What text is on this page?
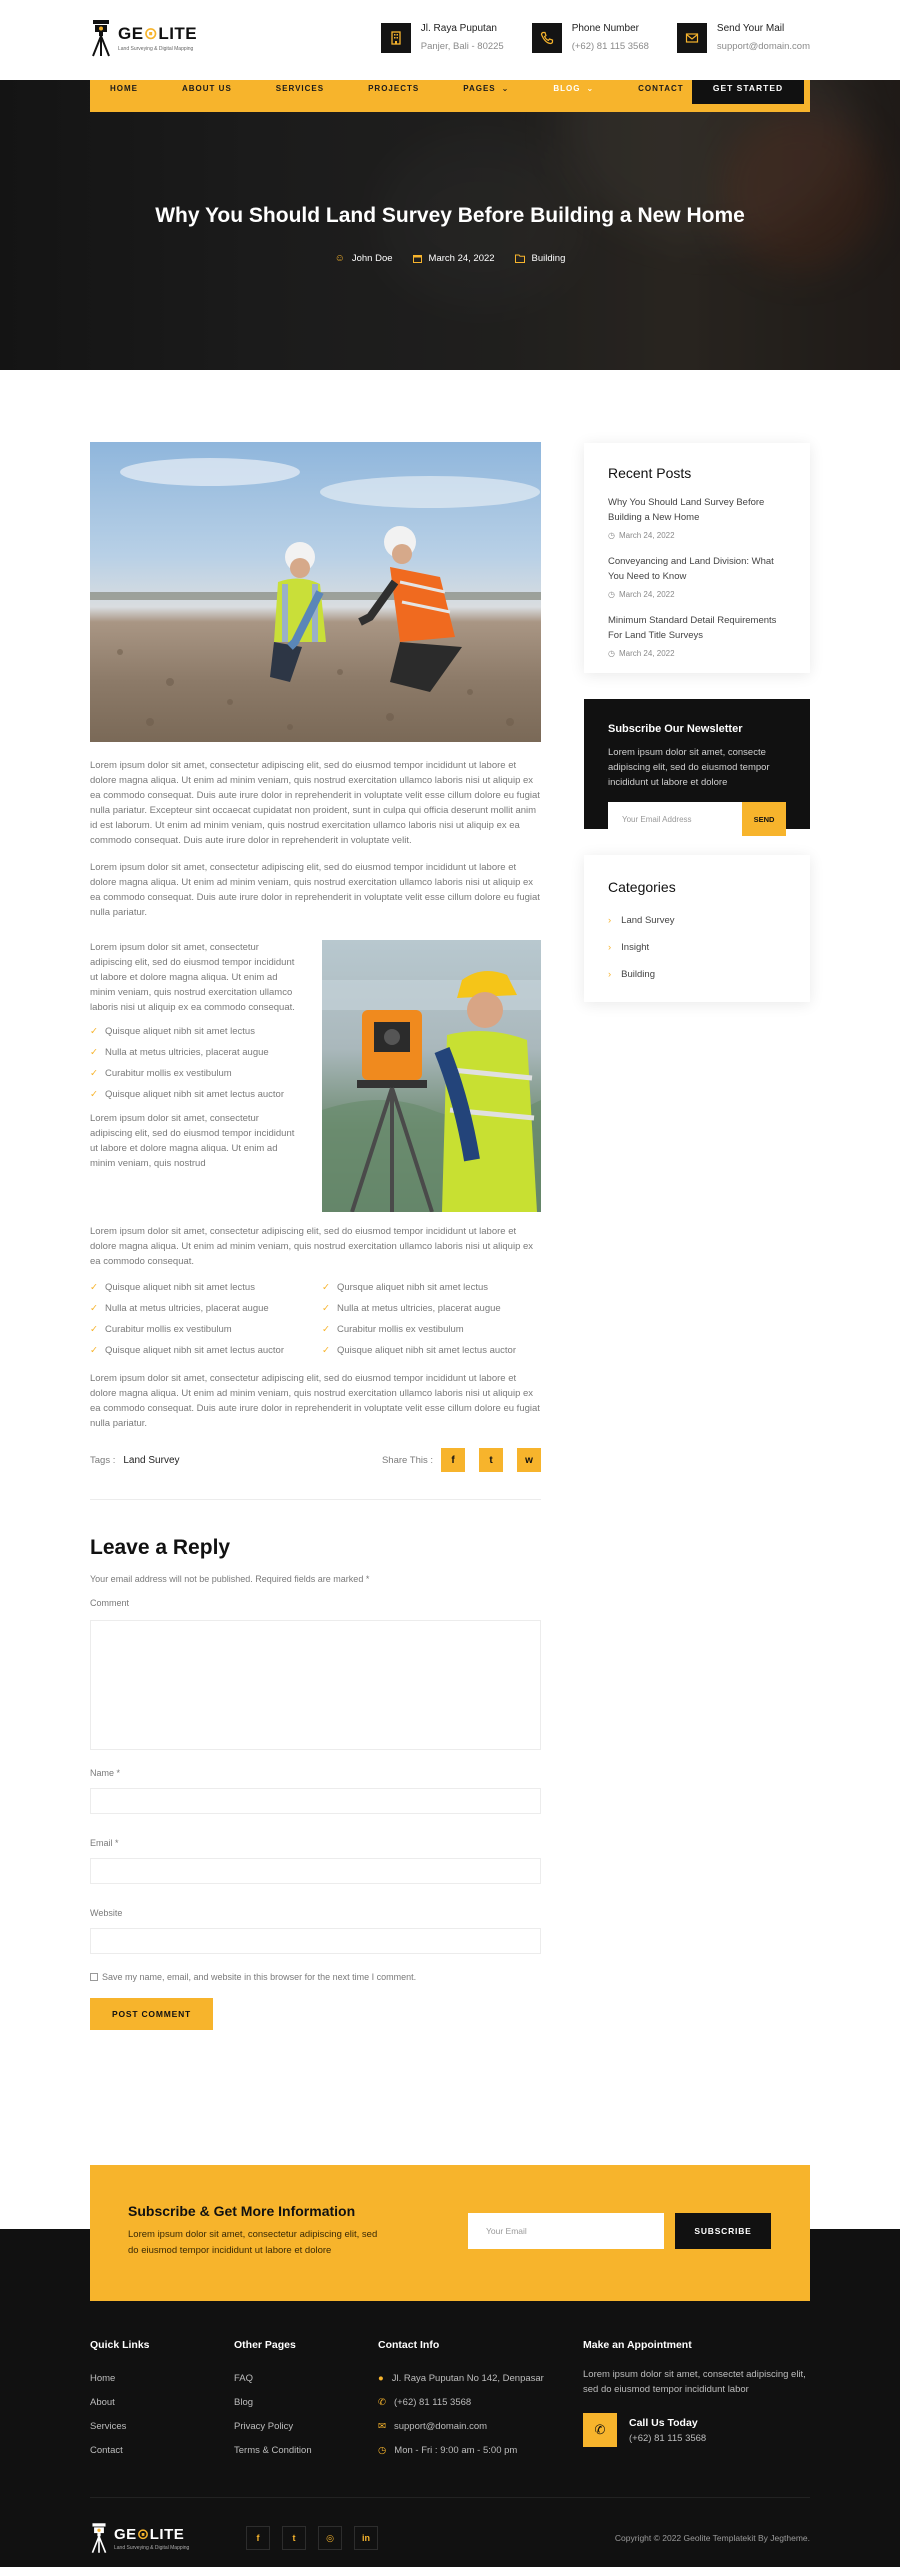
GE⊙LITE
Land Surveying & Digital Mapping
Jl. Raya Puputan
Panjer, Bali - 80225
Phone Number
(+62) 81 115 3568
Send Your Mail
support@domain.com
HOME	ABOUT US	SERVICES	PROJECTS	PAGES ⌄	BLOG ⌄	CONTACT	GET STARTED
Why You Should Land Survey Before Building a New Home
☺ John Doe	March 24, 2022	Building

Lorem ipsum dolor sit amet, consectetur adipiscing elit, sed do eiusmod tempor incididunt ut labore et dolore magna aliqua. Ut enim ad minim veniam, quis nostrud exercitation ullamco laboris nisi ut aliquip ex ea commodo consequat. Duis aute irure dolor in reprehenderit in voluptate velit esse cillum dolore eu fugiat nulla pariatur. Excepteur sint occaecat cupidatat non proident, sunt in culpa qui officia deserunt mollit anim id est laborum. Ut enim ad minim veniam, quis nostrud exercitation ullamco laboris nisi ut aliquip ex ea commodo consequat. Duis aute irure dolor in reprehenderit in voluptate velit.

Lorem ipsum dolor sit amet, consectetur adipiscing elit, sed do eiusmod tempor incididunt ut labore et dolore magna aliqua. Ut enim ad minim veniam, quis nostrud exercitation ullamco laboris nisi ut aliquip ex ea commodo consequat. Duis aute irure dolor in reprehenderit in voluptate velit esse cillum dolore eu fugiat nulla pariatur.

Lorem ipsum dolor sit amet, consectetur adipiscing elit, sed do eiusmod tempor incididunt ut labore et dolore magna aliqua. Ut enim ad minim veniam, quis nostrud exercitation ullamco laboris nisi ut aliquip ex ea commodo consequat.

✓ Quisque aliquet nibh sit amet lectus
✓ Nulla at metus ultricies, placerat augue
✓ Curabitur mollis ex vestibulum
✓ Quisque aliquet nibh sit amet lectus auctor

Lorem ipsum dolor sit amet, consectetur adipiscing elit, sed do eiusmod tempor incididunt ut labore et dolore magna aliqua. Ut enim ad minim veniam, quis nostrud

Lorem ipsum dolor sit amet, consectetur adipiscing elit, sed do eiusmod tempor incididunt ut labore et dolore magna aliqua. Ut enim ad minim veniam, quis nostrud exercitation ullamco laboris nisi ut aliquip ex ea commodo consequat.

✓ Quisque aliquet nibh sit amet lectus
✓ Nulla at metus ultricies, placerat augue
✓ Curabitur mollis ex vestibulum
✓ Quisque aliquet nibh sit amet lectus auctor
✓ Qursque aliquet nibh sit amet lectus
✓ Nulla at metus ultricies, placerat augue
✓ Curabitur mollis ex vestibulum
✓ Quisque aliquet nibh sit amet lectus auctor

Lorem ipsum dolor sit amet, consectetur adipiscing elit, sed do eiusmod tempor incididunt ut labore et dolore magna aliqua. Ut enim ad minim veniam, quis nostrud exercitation ullamco laboris nisi ut aliquip ex ea commodo consequat. Duis aute irure dolor in reprehenderit in voluptate velit esse cillum dolore eu fugiat nulla pariatur.

Tags : Land Survey	Share This :	f	t	w
Leave a Reply

Your email address will not be published. Required fields are marked *

Comment

Name *

Email *

Website

Save my name, email, and website in this browser for the next time I comment.
POST COMMENT
Recent Posts
Why You Should Land Survey Before Building a New Home
◷ March 24, 2022
Conveyancing and Land Division: What You Need to Know
◷ March 24, 2022
Minimum Standard Detail Requirements For Land Title Surveys
◷ March 24, 2022
Subscribe Our Newsletter

Lorem ipsum dolor sit amet, consecte adipiscing elit, sed do eiusmod tempor incididunt ut labore et dolore

Your Email Address	SEND
Categories
› Land Survey
› Insight
› Building
Quick Links
Home
About
Services
Contact
Other Pages
FAQ
Blog
Privacy Policy
Terms & Condition
Contact Info
● Jl. Raya Puputan No 142, Denpasar
✆ (+62) 81 115 3568
✉ support@domain.com
◷ Mon - Fri : 9:00 am - 5:00 pm
Make an Appointment

Lorem ipsum dolor sit amet, consectet adipiscing elit, sed do eiusmod tempor incididunt labor

✆	Call Us Today
(+62) 81 115 3568
GE⊙LITE
Land Surveying & Digital Mapping
f	t	◎	in	Copyright © 2022 Geolite Templatekit By Jegtheme.
Subscribe & Get More Information

Lorem ipsum dolor sit amet, consectetur adipiscing elit, sed do eiusmod tempor incididunt ut labore et dolore

Your Email	SUBSCRIBE
